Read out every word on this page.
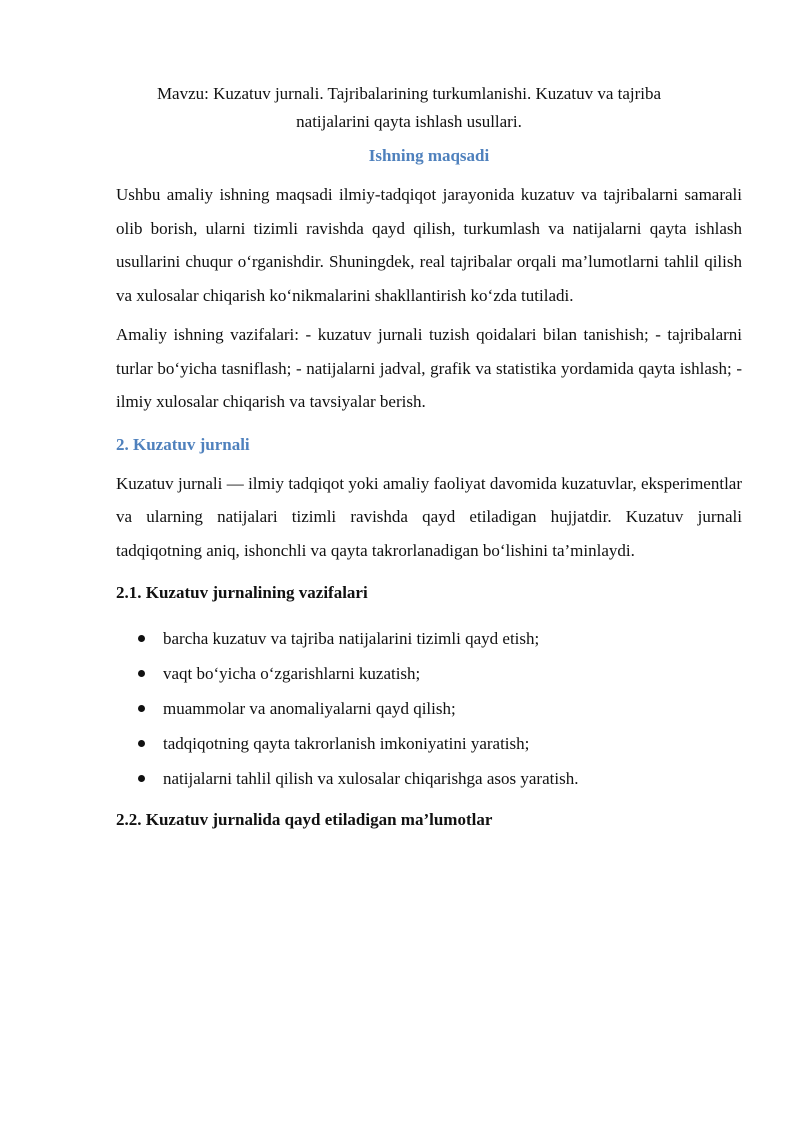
Mavzu: Kuzatuv jurnali. Tajribalarining turkumlanishi. Kuzatuv va tajriba
natijalarini qayta ishlash usullari.
Ishning maqsadi

Ushbu amaliy ishning maqsadi ilmiy-tadqiqot jarayonida kuzatuv va tajribalarni samarali olib borish, ularni tizimli ravishda qayd qilish, turkumlash va natijalarni qayta ishlash usullarini chuqur o‘rganishdir. Shuningdek, real tajribalar orqali ma’lumotlarni tahlil qilish va xulosalar chiqarish ko‘nikmalarini shakllantirish ko‘zda tutiladi.

Amaliy ishning vazifalari: - kuzatuv jurnali tuzish qoidalari bilan tanishish; - tajribalarni turlar bo‘yicha tasniflash; - natijalarni jadval, grafik va statistika yordamida qayta ishlash; - ilmiy xulosalar chiqarish va tavsiyalar berish.

2. Kuzatuv jurnali

Kuzatuv jurnali — ilmiy tadqiqot yoki amaliy faoliyat davomida kuzatuvlar, eksperimentlar va ularning natijalari tizimli ravishda qayd etiladigan hujjatdir. Kuzatuv jurnali tadqiqotning aniq, ishonchli va qayta takrorlanadigan bo‘lishini ta’minlaydi.

2.1. Kuzatuv jurnalining vazifalari
barcha kuzatuv va tajriba natijalarini tizimli qayd etish;
vaqt bo‘yicha o‘zgarishlarni kuzatish;
muammolar va anomaliyalarni qayd qilish;
tadqiqotning qayta takrorlanish imkoniyatini yaratish;
natijalarni tahlil qilish va xulosalar chiqarishga asos yaratish.
2.2. Kuzatuv jurnalida qayd etiladigan ma’lumotlar
